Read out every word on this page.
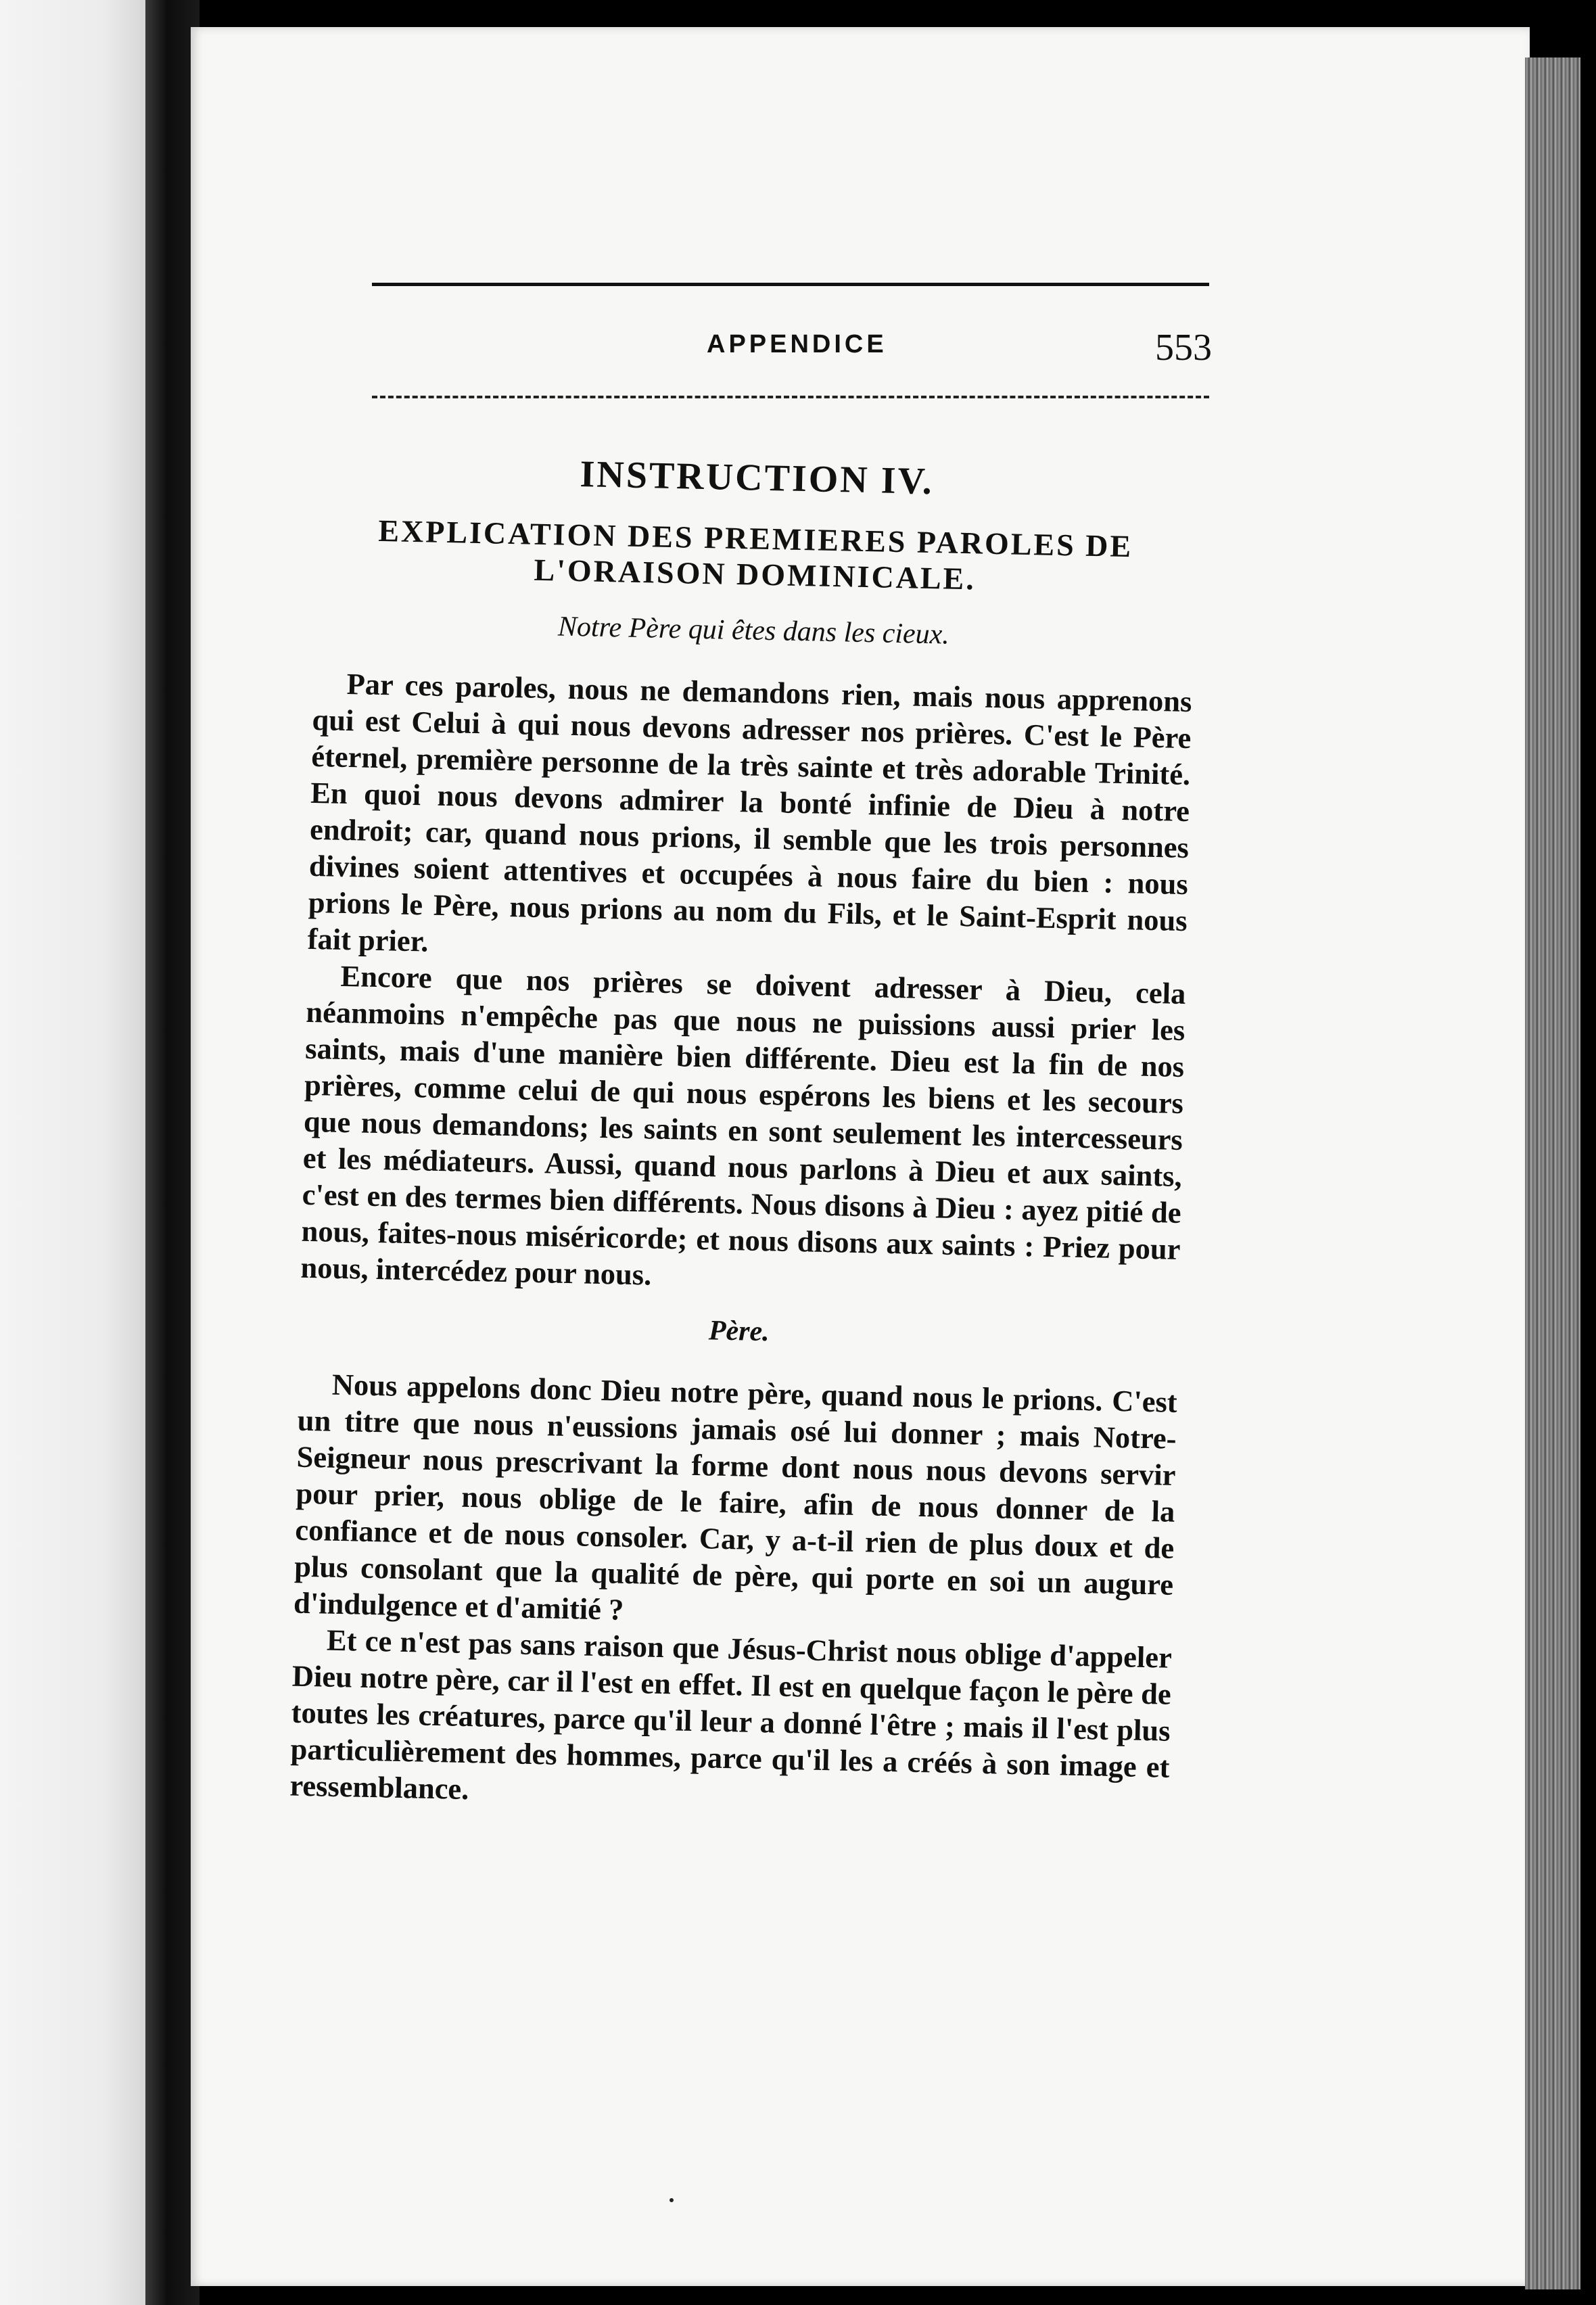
APPENDICE	553
INSTRUCTION IV.
EXPLICATION DES PREMIERES PAROLES DE
L'ORAISON DOMINICALE.
Notre Père qui êtes dans les cieux.

Par ces paroles, nous ne demandons rien, mais nous apprenons qui est Celui à qui nous devons adresser nos prières. C'est le Père éternel, première personne de la très sainte et très adorable Trinité. En quoi nous devons admirer la bonté infinie de Dieu à notre endroit; car, quand nous prions, il semble que les trois personnes divines soient attentives et occupées à nous faire du bien : nous prions le Père, nous prions au nom du Fils, et le Saint-Esprit nous fait prier.

Encore que nos prières se doivent adresser à Dieu, cela néanmoins n'empêche pas que nous ne puissions aussi prier les saints, mais d'une manière bien différente. Dieu est la fin de nos prières, comme celui de qui nous espérons les biens et les secours que nous demandons; les saints en sont seulement les intercesseurs et les médiateurs. Aussi, quand nous parlons à Dieu et aux saints, c'est en des termes bien différents. Nous disons à Dieu : ayez pitié de nous, faites-nous miséricorde; et nous disons aux saints : Priez pour nous, intercédez pour nous.

Père.

Nous appelons donc Dieu notre père, quand nous le prions. C'est un titre que nous n'eussions jamais osé lui donner ; mais Notre-Seigneur nous prescrivant la forme dont nous nous devons servir pour prier, nous oblige de le faire, afin de nous donner de la confiance et de nous consoler. Car, y a-t-il rien de plus doux et de plus consolant que la qualité de père, qui porte en soi un augure d'indulgence et d'amitié ?

Et ce n'est pas sans raison que Jésus-Christ nous oblige d'appeler Dieu notre père, car il l'est en effet. Il est en quelque façon le père de toutes les créatures, parce qu'il leur a donné l'être ; mais il l'est plus particulièrement des hommes, parce qu'il les a créés à son image et ressemblance.
